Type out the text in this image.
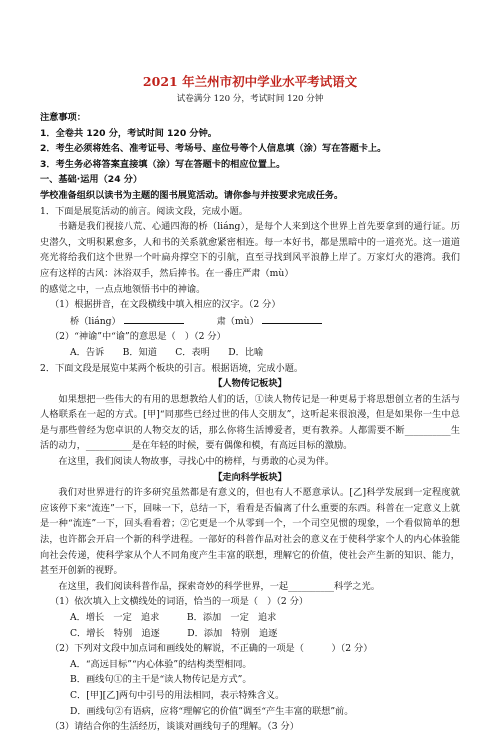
2021 年兰州市初中学业水平考试语文
试卷满分 120 分，考试时间 120 分钟
注意事项：
1．全卷共 120 分，考试时间 120 分钟。
2．考生必须将姓名、准考证号、考场号、座位号等个人信息填（涂）写在答题卡上。
3．考生务必将答案直接填（涂）写在答题卡的相应位置上。
一、基础·运用（24 分）
学校准备组织以读书为主题的图书展览活动。请你参与并按要求完成任务。
1．下面是展览活动的前言。阅读文段，完成小题。

书籍是我们视接八荒、心通四海的桥（liáng），是每个人来到这个世界上首先要拿到的通行证。历史潜久，文明积累愈多，人和书的关系就愈紧密相连。每一本好书，都是黑暗中的一道亮光。这一道道亮光将给我们这个世界一个叶扁舟撑空下的引航，直至寻找到风平浪静上岸了。万家灯火的港湾。我们应有这样的古风：沐浴双手，然后捧书。在一番庄严肃（mù）

的感觉之中，一点点地领悟书中的神谕。

（1）根据拼音，在文段横线中填入相应的汉字。（2 分）
桥（liáng）	肃（mù）
（2）“神谕”中“谕”的意思是（　）（2 分）
A．告诉　　B．知道　　C．表明　　D．比喻
2．下面文段是展览中某两个板块的引言。根据语境，完成小题。
【人物传记板块】

如果想把一些伟大的有用的思想教给人们的话，①读人物传记是一种更易于将思想创立者的生活与人格联系在一起的方式。[甲]“同那些已经过世的伟人交朋友”，这听起来很浪漫，但是如果你一生中总是与那些曾经为您卓识的人物交友的话，那么你将生活博爱者，更有教养。人都需要不断__________生活的动力，__________是在年轻的时候，要有偶像和模，有高远目标的激励。

在这里，我们阅读人物故事，寻找心中的榜样，与勇敢的心灵为伴。

【走向科学板块】

我们对世界进行的许多研究虽然都是有意义的，但也有人不愿意承认。[乙]科学发展到一定程度就应该停下来“流连”一下，回味一下，总结一下，看看是否偏离了什么重要的东西。科普在一定意义上就是一种“流连”一下，回头看看着；②它更是一个从零到一个，一个司空见惯的现象，一个看似简单的想法，也许都会开启一个新的科学进程。一部好的科普作品对社会的意义在于使科学家个人的内心体验能向社会传递，使科学家从个人不同角度产生丰富的联想，理解它的价值，使社会产生新的知识、能力，甚至开创新的视野。

在这里，我们阅读科普作品，探索奇妙的科学世界，一起__________科学之光。

（1）依次填入上文横线处的词语，恰当的一项是（　）（2 分）
A．增长　一定　追求　　　B．添加　一定　追求
C．增长　特别　追逐　　　D．添加　特别　追逐
（2）下列对文段中加点词和画线处的解说，不正确的一项是（　　　）（2 分）
A．“高远目标”“内心体验”的结构类型相同。
B．画线句①的主干是“读人物传记是方式”。
C．[甲][乙]两句中引号的用法相同，表示特殊含义。
D．画线句②有语病，应将“理解它的价值”调至“产生丰富的联想”前。
（3）请结合你的生活经历，谈谈对画线句子的理解。（3 分）
